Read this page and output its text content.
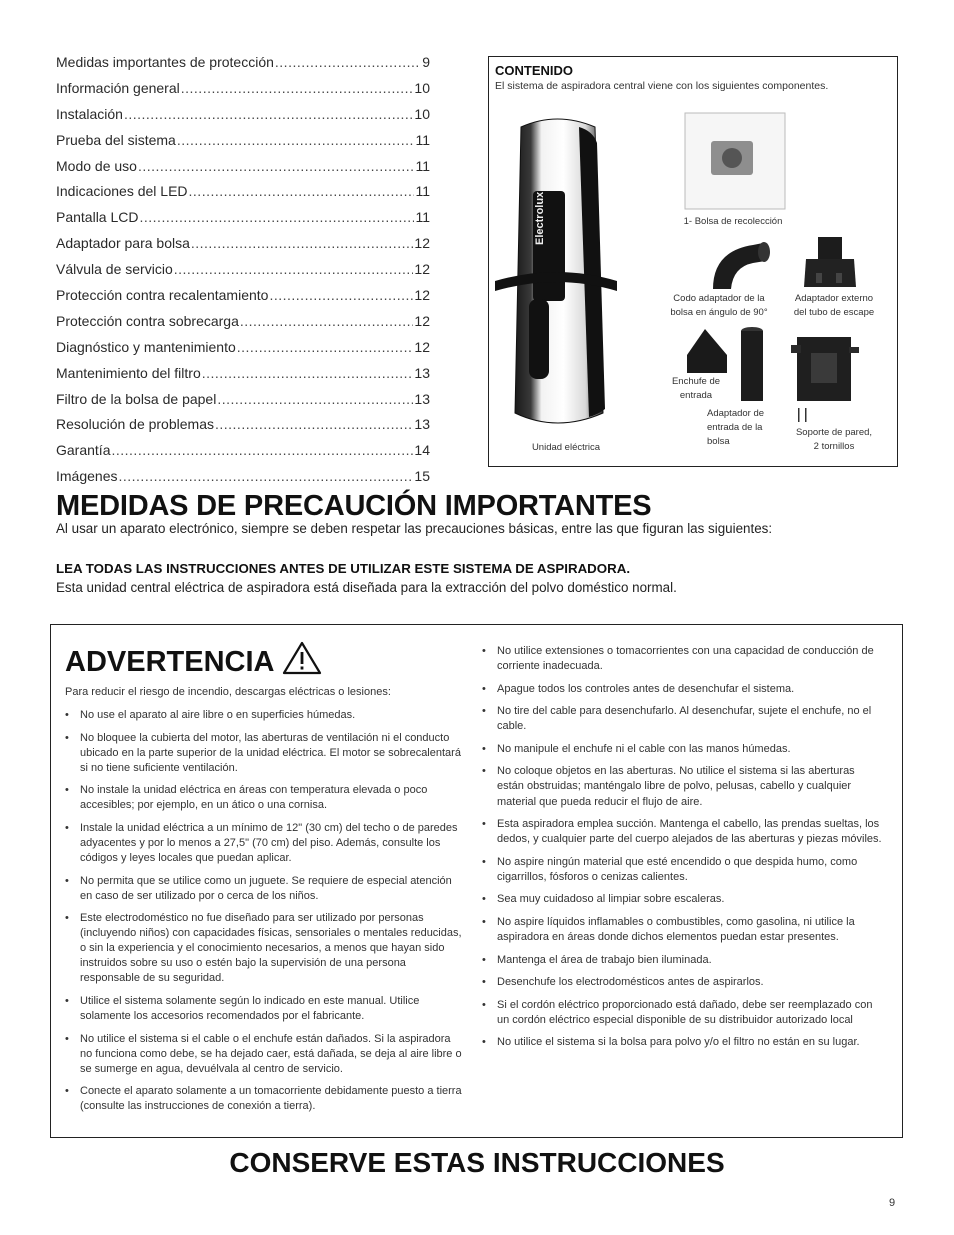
Medidas importantes de protección .....	9
Información general .....	10
Instalación .....	10
Prueba del sistema .....	11
Modo de uso .....	11
Indicaciones del LED .....	11
Pantalla LCD .....	11
Adaptador para bolsa .....	12
Válvula de servicio .....	12
Protección contra recalentamiento .....	12
Protección contra sobrecarga .....	12
Diagnóstico y mantenimiento .....	12
Mantenimiento del filtro .....	13
Filtro de la bolsa de papel .....	13
Resolución de problemas .....	13
Garantía .....	14
Imágenes .....	15
CONTENIDO
El sistema de aspiradora central viene con los siguientes componentes.
Electrolux
Unidad eléctrica
1- Bolsa de recolección
Codo adaptador de la
bolsa en ángulo de 90°
Adaptador externo
del tubo de escape
Enchufe de
entrada
Adaptador de
entrada de la
bolsa
Soporte de pared,
2 tornillos
MEDIDAS DE PRECAUCIÓN IMPORTANTES
Al usar un aparato electrónico, siempre se deben respetar las precauciones básicas, entre las que figuran las siguientes:
LEA TODAS LAS INSTRUCCIONES ANTES DE UTILIZAR ESTE SISTEMA DE ASPIRADORA.
Esta unidad central eléctrica de aspiradora está diseñada para la extracción del polvo doméstico normal.
ADVERTENCIA
Para reducir el riesgo de incendio, descargas eléctricas o lesiones:
• No use el aparato al aire libre o en superficies húmedas.
• No bloquee la cubierta del motor, las aberturas de ventilación ni el conducto ubicado en la parte superior de la unidad eléctrica. El motor se sobrecalentará si no tiene suficiente ventilación.
• No instale la unidad eléctrica en áreas con temperatura elevada o poco accesibles; por ejemplo, en un ático o una cornisa.
• Instale la unidad eléctrica a un mínimo de 12" (30 cm) del techo o de paredes adyacentes y por lo menos a 27,5" (70 cm) del piso. Además, consulte los códigos y leyes locales que puedan aplicar.
• No permita que se utilice como un juguete. Se requiere de especial atención en caso de ser utilizado por o cerca de los niños.
• Este electrodoméstico no fue diseñado para ser utilizado por personas (incluyendo niños) con capacidades físicas, sensoriales o mentales reducidas, o sin la experiencia y el conocimiento necesarios, a menos que hayan sido instruidos sobre su uso o estén bajo la supervisión de una persona responsable de su seguridad.
• Utilice el sistema solamente según lo indicado en este manual. Utilice solamente los accesorios recomendados por el fabricante.
• No utilice el sistema si el cable o el enchufe están dañados. Si la aspiradora no funciona como debe, se ha dejado caer, está dañada, se deja al aire libre o se sumerge en agua, devuélvala al centro de servicio.
• Conecte el aparato solamente a un tomacorriente debidamente puesto a tierra (consulte las instrucciones de conexión a tierra).
• No utilice extensiones o tomacorrientes con una capacidad de conducción de corriente inadecuada.
• Apague todos los controles antes de desenchufar el sistema.
• No tire del cable para desenchufarlo. Al desenchufar, sujete el enchufe, no el cable.
• No manipule el enchufe ni el cable con las manos húmedas.
• No coloque objetos en las aberturas. No utilice el sistema si las aberturas están obstruidas; manténgalo libre de polvo, pelusas, cabello y cualquier material que pueda reducir el flujo de aire.
• Esta aspiradora emplea succión. Mantenga el cabello, las prendas sueltas, los dedos, y cualquier parte del cuerpo alejados de las aberturas y piezas móviles.
• No aspire ningún material que esté encendido o que despida humo, como cigarrillos, fósforos o cenizas calientes.
• Sea muy cuidadoso al limpiar sobre escaleras.
• No aspire líquidos inflamables o combustibles, como gasolina, ni utilice la aspiradora en áreas donde dichos elementos puedan estar presentes.
• Mantenga el área de trabajo bien iluminada.
• Desenchufe los electrodomésticos antes de aspirarlos.
• Si el cordón eléctrico proporcionado está dañado, debe ser reemplazado con un cordón eléctrico especial disponible de su distribuidor autorizado local
• No utilice el sistema si la bolsa para polvo y/o el filtro no están en su lugar.
CONSERVE ESTAS INSTRUCCIONES
9
